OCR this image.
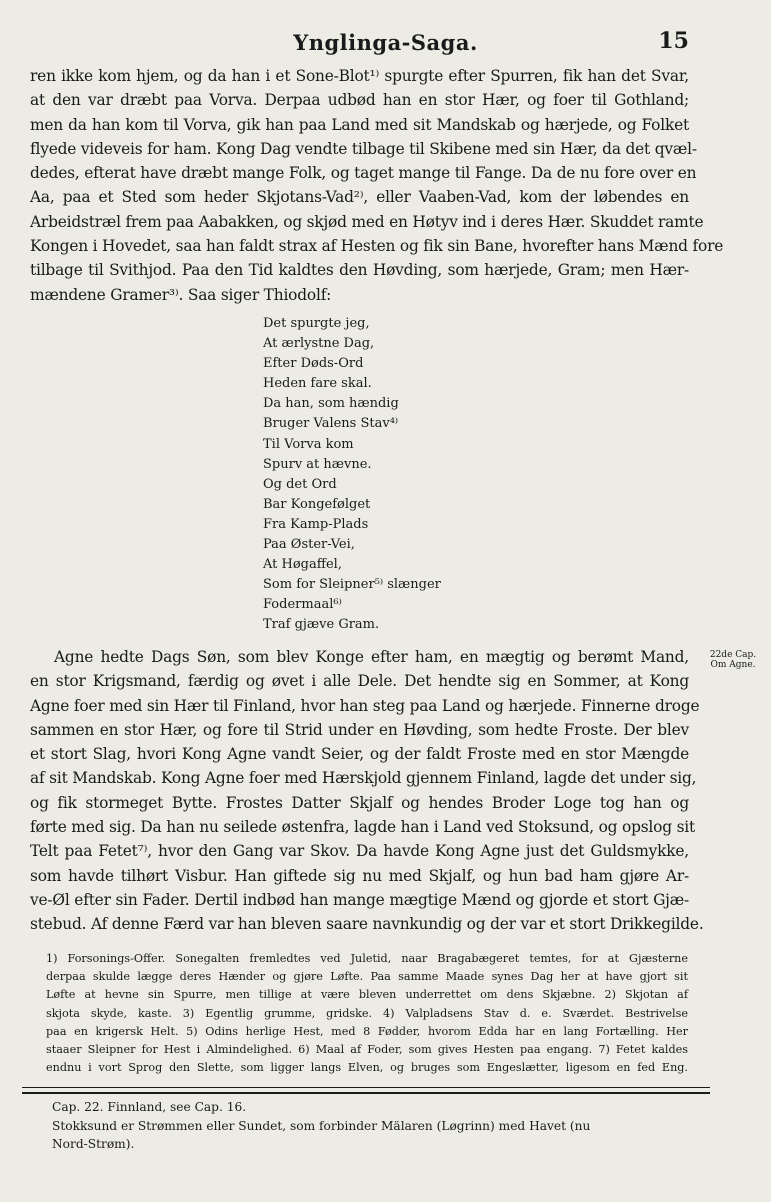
Ynglinga-Saga.	15
ren ikke kom hjem, og da han i et Sone-Blot¹⁾ spurgte efter Spurren, fik han det Svar,
at den var dræbt paa Vorva. Derpaa udbød han en stor Hær, og foer til Gothland;
men da han kom til Vorva, gik han paa Land med sit Mandskab og hærjede, og Folket
flyede videveis for ham. Kong Dag vendte tilbage til Skibene med sin Hær, da det qvæl-
dedes, efterat have dræbt mange Folk, og taget mange til Fange. Da de nu fore over en
Aa, paa et Sted som heder Skjotans-Vad²⁾, eller Vaaben-Vad, kom der løbendes en
Arbeidstræl frem paa Aabakken, og skjød med en Høtyv ind i deres Hær. Skuddet ramte
Kongen i Hovedet, saa han faldt strax af Hesten og fik sin Bane, hvorefter hans Mænd fore
tilbage til Svithjod. Paa den Tid kaldtes den Høvding, som hærjede, Gram; men Hær-
mændene Gramer³⁾. Saa siger Thiodolf:
Det spurgte jeg,
At ærlystne Dag,
Efter Døds-Ord
Heden fare skal.
Da han, som hændig
Bruger Valens Stav⁴⁾
Til Vorva kom
Spurv at hævne.
Og det Ord
Bar Kongefølget
Fra Kamp-Plads
Paa Øster-Vei,
At Høgaffel,
Som for Sleipner⁵⁾ slænger
Fodermaal⁶⁾
Traf gjæve Gram.
22de Cap.
Om Agne.
Agne hedte Dags Søn, som blev Konge efter ham, en mægtig og berømt Mand,
en stor Krigsmand, færdig og øvet i alle Dele. Det hendte sig en Sommer, at Kong
Agne foer med sin Hær til Finland, hvor han steg paa Land og hærjede. Finnerne droge
sammen en stor Hær, og fore til Strid under en Høvding, som hedte Froste. Der blev
et stort Slag, hvori Kong Agne vandt Seier, og der faldt Froste med en stor Mængde
af sit Mandskab. Kong Agne foer med Hærskjold gjennem Finland, lagde det under sig,
og fik stormeget Bytte. Frostes Datter Skjalf og hendes Broder Loge tog han og
førte med sig. Da han nu seilede østenfra, lagde han i Land ved Stoksund, og opslog sit
Telt paa Fetet⁷⁾, hvor den Gang var Skov. Da havde Kong Agne just det Guldsmykke,
som havde tilhørt Visbur. Han giftede sig nu med Skjalf, og hun bad ham gjøre Ar-
ve-Øl efter sin Fader. Dertil indbød han mange mægtige Mænd og gjorde et stort Gjæ-
stebud. Af denne Færd var han bleven saare navnkundig og der var et stort Drikkegilde.
1) Forsonings-Offer. Sonegalten fremledtes ved Juletid, naar Bragabægeret temtes, for at Gjæsterne
derpaa skulde lægge deres Hænder og gjøre Løfte. Paa samme Maade synes Dag her at have gjort sit
Løfte at hevne sin Spurre, men tillige at være bleven underrettet om dens Skjæbne. 2) Skjotan af
skjota skyde, kaste. 3) Egentlig grumme, gridske. 4) Valpladsens Stav d. e. Sværdet. Bestrivelse
paa en krigersk Helt. 5) Odins herlige Hest, med 8 Fødder, hvorom Edda har en lang Fortælling. Her
staaer Sleipner for Hest i Almindelighed. 6) Maal af Foder, som gives Hesten paa engang. 7) Fetet kaldes
endnu i vort Sprog den Slette, som ligger langs Elven, og bruges som Engeslætter, ligesom en fed Eng.
Cap. 22. Finnland, see Cap. 16.
Stokksund er Strømmen eller Sundet, som forbinder Mälaren (Løgrinn) med Havet (nu
Nord-Strøm).
